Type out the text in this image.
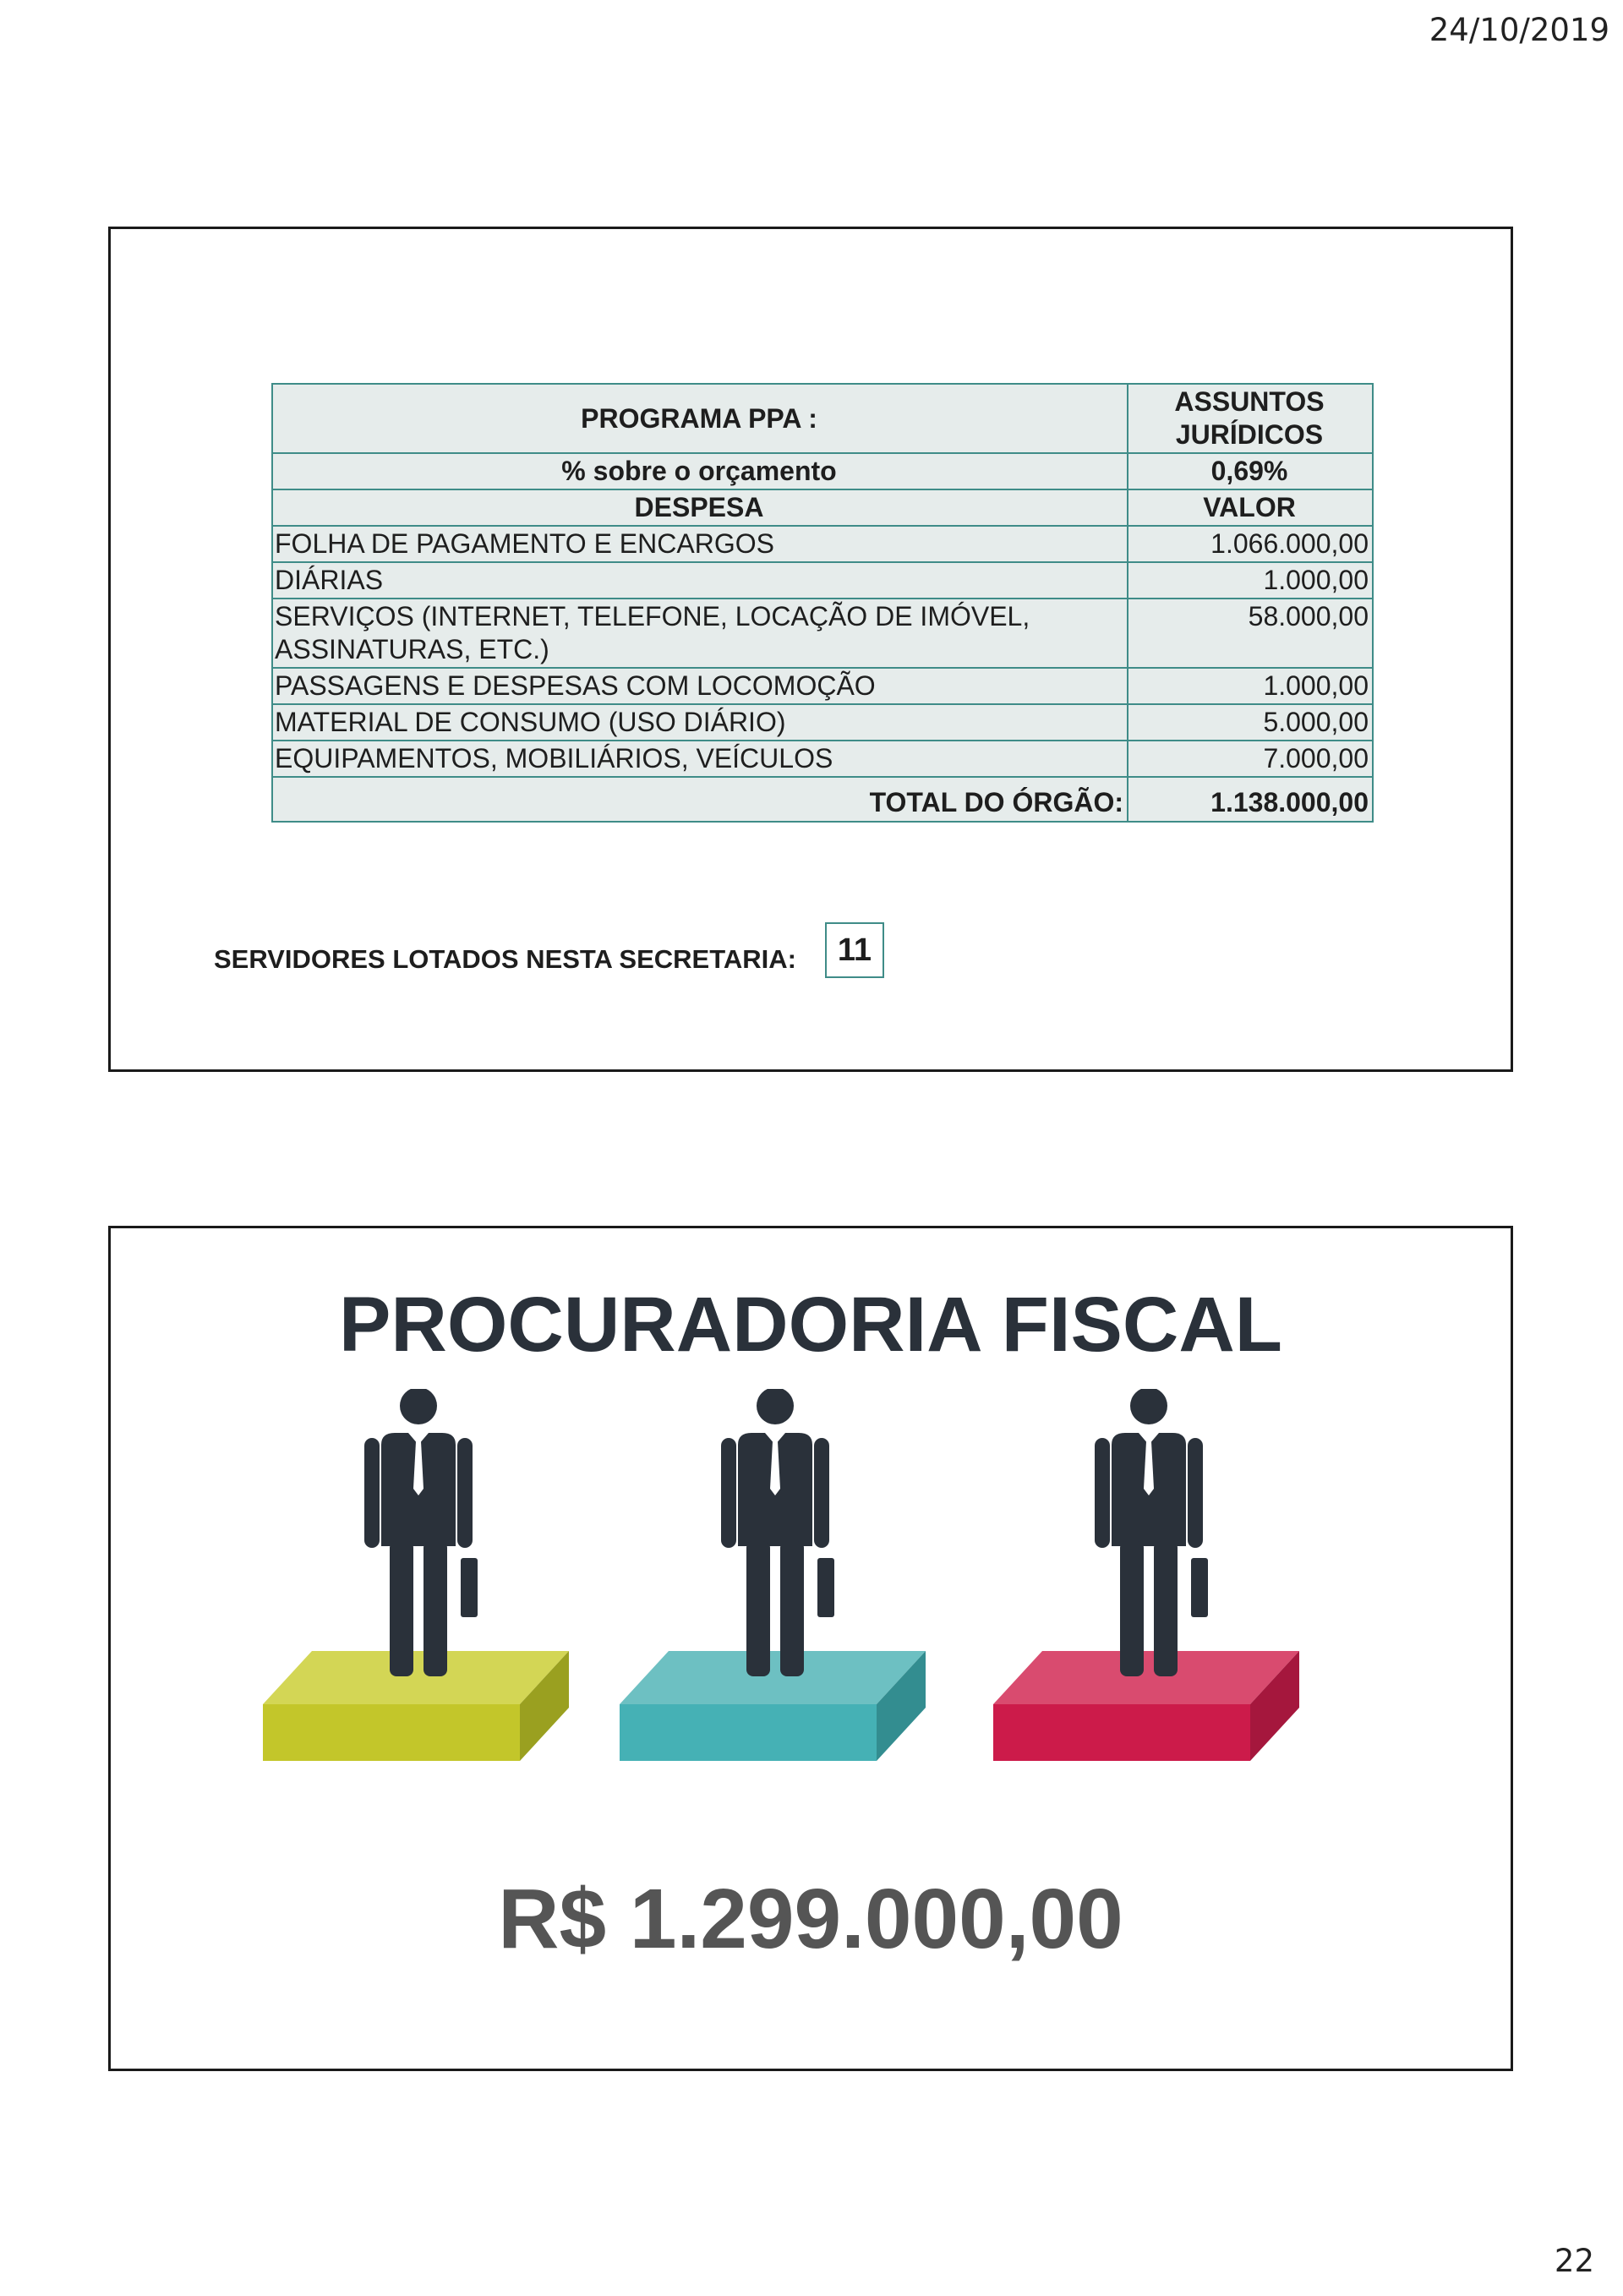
24/10/2019
PROGRAMA PPA :	ASSUNTOS
JURÍDICOS

% sobre o orçamento	0,69%
DESPESA	VALOR
FOLHA DE PAGAMENTO E ENCARGOS	1.066.000,00
DIÁRIAS	1.000,00

SERVIÇOS (INTERNET, TELEFONE, LOCAÇÃO DE IMÓVEL,
ASSINATURAS, ETC.)	58.000,00
PASSAGENS E DESPESAS COM LOCOMOÇÃO	1.000,00
MATERIAL DE CONSUMO (USO DIÁRIO)	5.000,00
EQUIPAMENTOS, MOBILIÁRIOS, VEÍCULOS	7.000,00
TOTAL DO ÓRGÃO:	1.138.000,00
SERVIDORES LOTADOS NESTA SECRETARIA:	11
PROCURADORIA FISCAL
R$ 1.299.000,00
22
